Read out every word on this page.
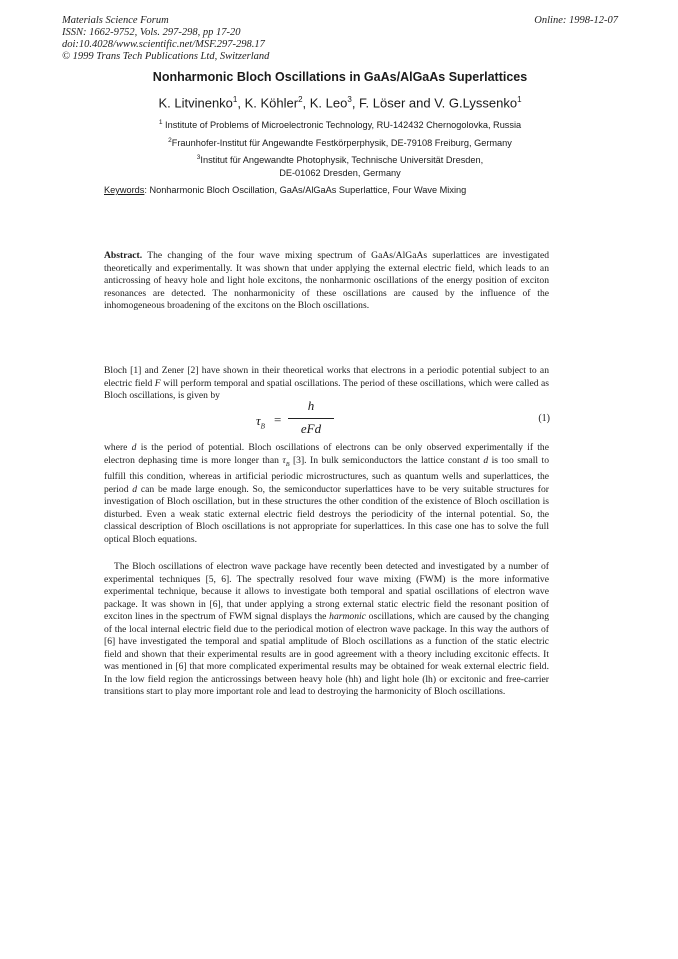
Materials Science Forum
ISSN: 1662-9752, Vols. 297-298, pp 17-20
doi:10.4028/www.scientific.net/MSF.297-298.17
© 1999 Trans Tech Publications Ltd, Switzerland
Online: 1998-12-07
Nonharmonic Bloch Oscillations in GaAs/AlGaAs Superlattices
K. Litvinenko$^1$, K. Köhler$^2$, K. Leo$^3$, F. Löser and V. G.Lyssenko$^1$
$^1$ Institute of Problems of Microelectronic Technology, RU-142432 Chernogolovka, Russia
$^2$Fraunhofer-Institut für Angewandte Festkörperphysik, DE-79108 Freiburg, Germany
$^3$Institut für Angewandte Photophysik, Technische Universität Dresden,
DE-01062 Dresden, Germany
Keywords: Nonharmonic Bloch Oscillation, GaAs/AlGaAs Superlattice, Four Wave Mixing
Abstract. The changing of the four wave mixing spectrum of GaAs/AlGaAs superlattices are investigated theoretically and experimentally. It was shown that under applying the external electric field, which leads to an anticrossing of heavy hole and light hole excitons, the nonharmonic oscillations of the energy position of exciton resonances are detected. The nonharmonicity of these oscillations are caused by the influence of the inhomogeneous broadening of the excitons on the Bloch oscillations.
Bloch [1] and Zener [2] have shown in their theoretical works that electrons in a periodic potential subject to an electric field F will perform temporal and spatial oscillations. The period of these oscillations, which were called as Bloch oscillations, is given by
$\tau_B$ =
h
eFd
(1)
where d is the period of potential. Bloch oscillations of electrons can be only observed experimentally if the electron dephasing time is more longer than $\tau_B$ [3]. In bulk semiconductors the lattice constant d is too small to fulfill this condition, whereas in artificial periodic microstructures, such as quantum wells and superlattices, the period d can be made large enough. So, the semiconductor superlattices have to be very suitable structures for investigation of Bloch oscillation, but in these structures the other condition of the existence of Bloch oscillation is disturbed. Even a weak static external electric field destroys the periodicity of the internal potential. So, the classical description of Bloch oscillations is not appropriate for superlattices. In this case one has to solve the full optical Bloch equations.
The Bloch oscillations of electron wave package have recently been detected and investigated by a number of experimental techniques [5, 6]. The spectrally resolved four wave mixing (FWM) is the more informative experimental technique, because it allows to investigate both temporal and spatial oscillations of electron wave package. It was shown in [6], that under applying a strong external static electric field the resonant position of exciton lines in the spectrum of FWM signal displays the harmonic oscillations, which are caused by the changing of the local internal electric field due to the periodical motion of electron wave package. In this way the authors of [6] have investigated the temporal and spatial amplitude of Bloch oscillations as a function of the static electric field and shown that their experimental results are in good agreement with a theory including excitonic effects. It was mentioned in [6] that more complicated experimental results may be obtained for weak external electric field. In the low field region the anticrossings between heavy hole (hh) and light hole (lh) or excitonic and free-carrier transitions start to play more important role and lead to destroying the harmonicity of Bloch oscillations.
